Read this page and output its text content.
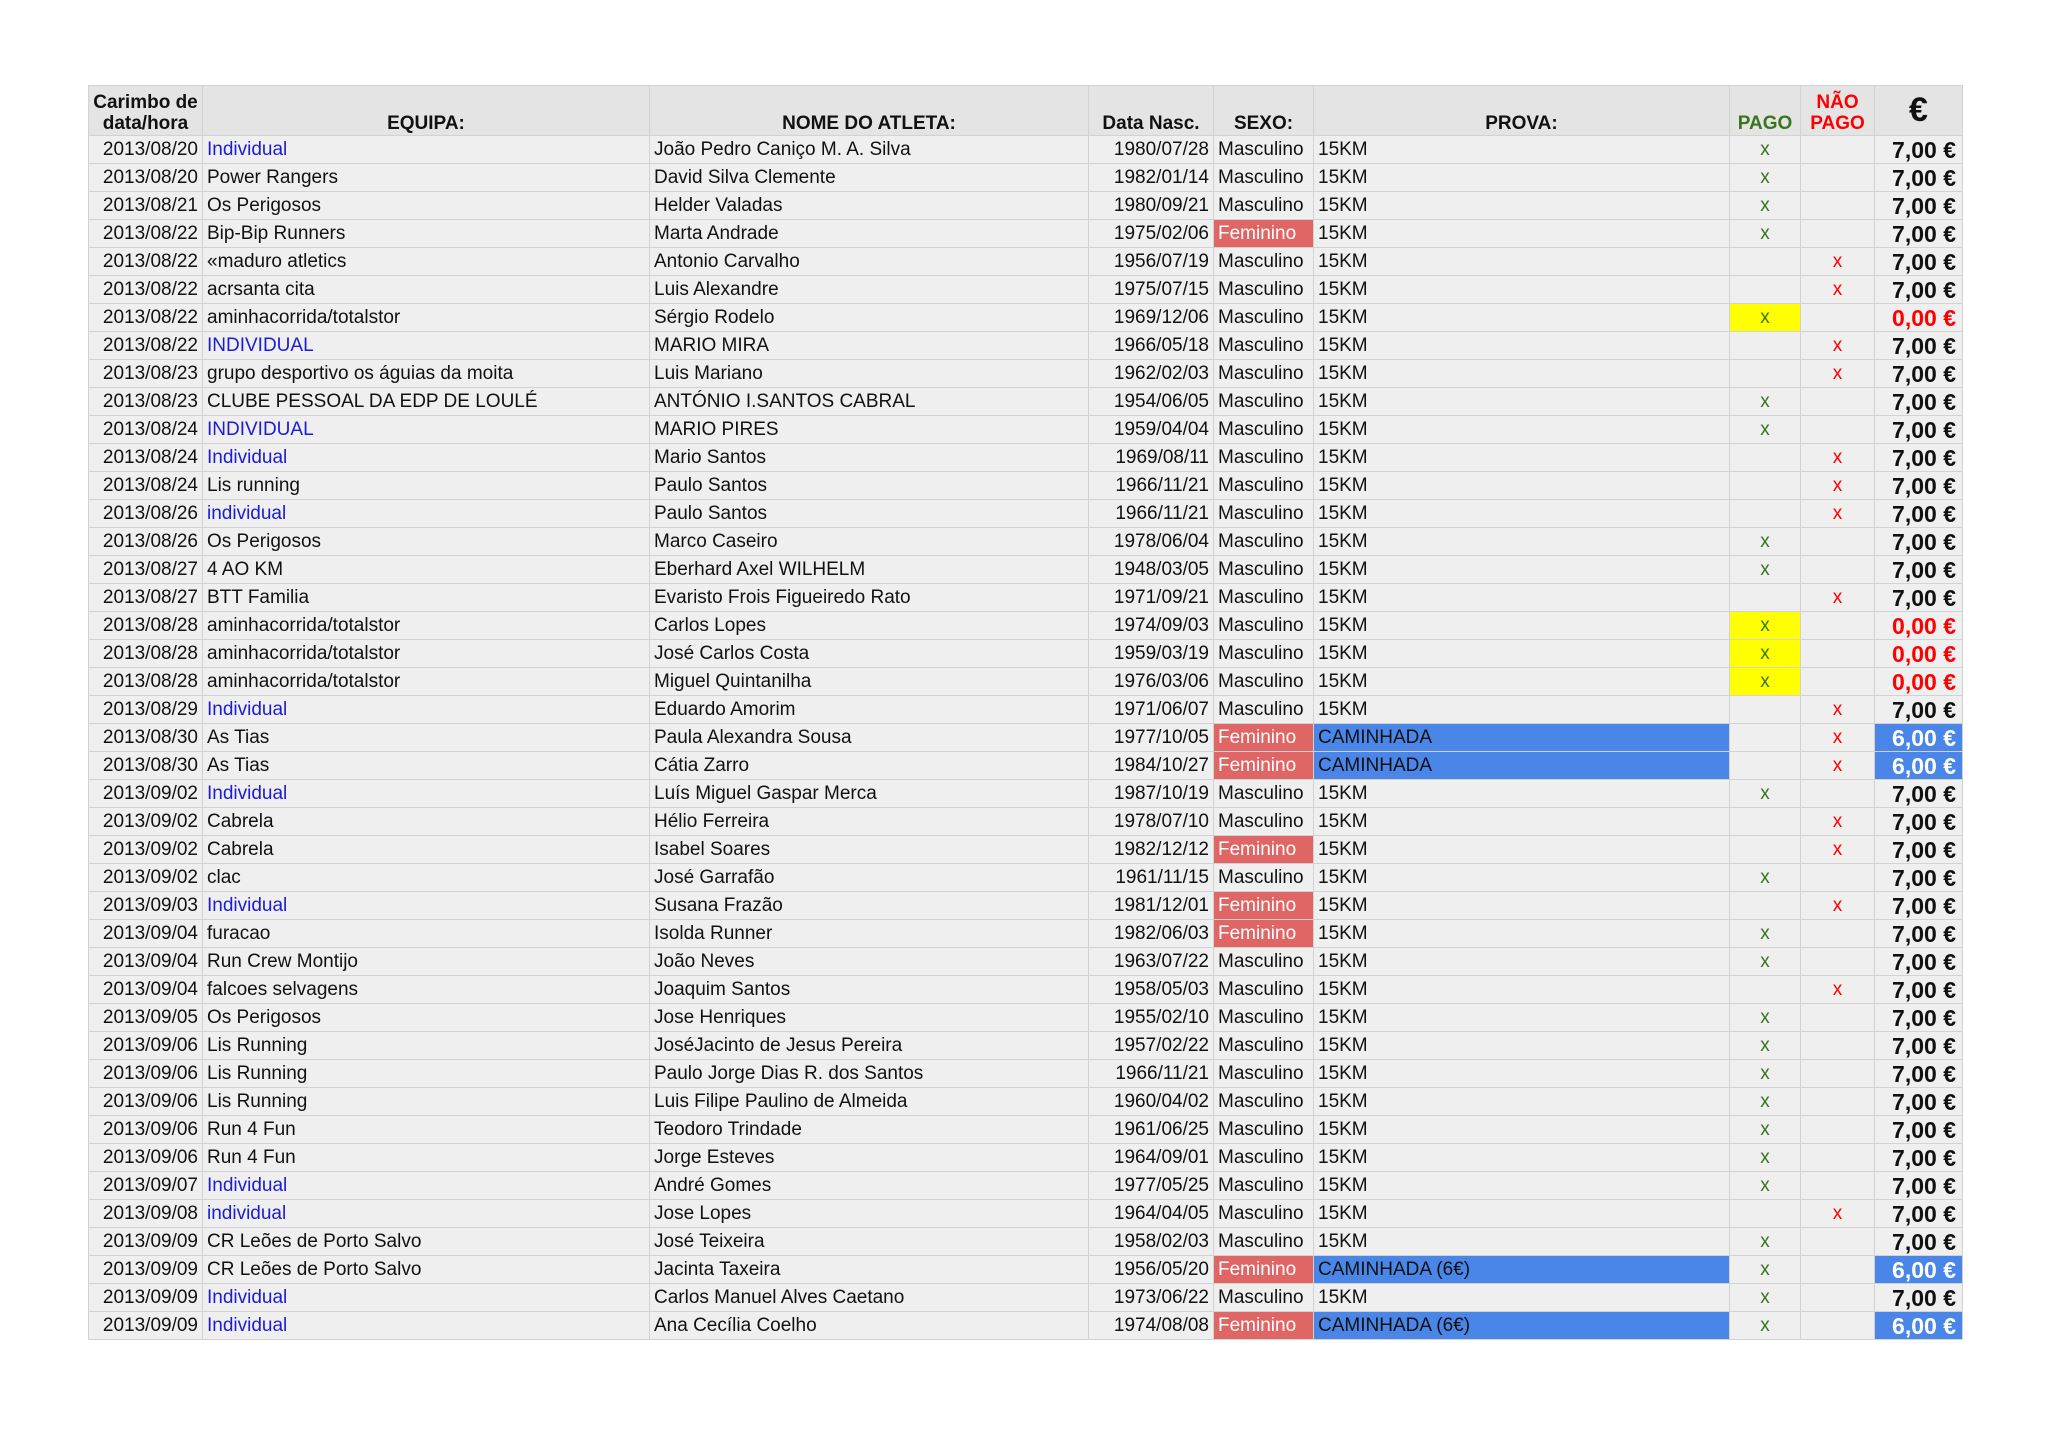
Carimbo de data/hora	EQUIPA:	NOME DO ATLETA:	Data Nasc.	SEXO:	PROVA:	PAGO	NÃO PAGO	€
2013/08/20	Individual	João Pedro Caniço M. A. Silva	1980/07/28	Masculino	15KM	x		7,00 €
2013/08/20	Power Rangers	David Silva Clemente	1982/01/14	Masculino	15KM	x		7,00 €
2013/08/21	Os Perigosos	Helder Valadas	1980/09/21	Masculino	15KM	x		7,00 €
2013/08/22	Bip-Bip Runners	Marta Andrade	1975/02/06	Feminino	15KM	x		7,00 €
2013/08/22	«maduro atletics	Antonio Carvalho	1956/07/19	Masculino	15KM		x	7,00 €
2013/08/22	acrsanta cita	Luis Alexandre	1975/07/15	Masculino	15KM		x	7,00 €
2013/08/22	aminhacorrida/totalstor	Sérgio Rodelo	1969/12/06	Masculino	15KM	x		0,00 €
2013/08/22	INDIVIDUAL	MARIO MIRA	1966/05/18	Masculino	15KM		x	7,00 €
2013/08/23	grupo desportivo os águias da moita	Luis Mariano	1962/02/03	Masculino	15KM		x	7,00 €
2013/08/23	CLUBE PESSOAL DA EDP DE LOULÉ	ANTÓNIO I.SANTOS CABRAL	1954/06/05	Masculino	15KM	x		7,00 €
2013/08/24	INDIVIDUAL	MARIO PIRES	1959/04/04	Masculino	15KM	x		7,00 €
2013/08/24	Individual	Mario Santos	1969/08/11	Masculino	15KM		x	7,00 €
2013/08/24	Lis running	Paulo Santos	1966/11/21	Masculino	15KM		x	7,00 €
2013/08/26	individual	Paulo Santos	1966/11/21	Masculino	15KM		x	7,00 €
2013/08/26	Os Perigosos	Marco Caseiro	1978/06/04	Masculino	15KM	x		7,00 €
2013/08/27	4 AO KM	Eberhard Axel WILHELM	1948/03/05	Masculino	15KM	x		7,00 €
2013/08/27	BTT Familia	Evaristo Frois Figueiredo Rato	1971/09/21	Masculino	15KM		x	7,00 €
2013/08/28	aminhacorrida/totalstor	Carlos Lopes	1974/09/03	Masculino	15KM	x		0,00 €
2013/08/28	aminhacorrida/totalstor	José Carlos Costa	1959/03/19	Masculino	15KM	x		0,00 €
2013/08/28	aminhacorrida/totalstor	Miguel Quintanilha	1976/03/06	Masculino	15KM	x		0,00 €
2013/08/29	Individual	Eduardo Amorim	1971/06/07	Masculino	15KM		x	7,00 €
2013/08/30	As Tias	Paula Alexandra Sousa	1977/10/05	Feminino	CAMINHADA		x	6,00 €
2013/08/30	As Tias	Cátia Zarro	1984/10/27	Feminino	CAMINHADA		x	6,00 €
2013/09/02	Individual	Luís Miguel Gaspar Merca	1987/10/19	Masculino	15KM	x		7,00 €
2013/09/02	Cabrela	Hélio Ferreira	1978/07/10	Masculino	15KM		x	7,00 €
2013/09/02	Cabrela	Isabel Soares	1982/12/12	Feminino	15KM		x	7,00 €
2013/09/02	clac	José Garrafão	1961/11/15	Masculino	15KM	x		7,00 €
2013/09/03	Individual	Susana Frazão	1981/12/01	Feminino	15KM		x	7,00 €
2013/09/04	furacao	Isolda Runner	1982/06/03	Feminino	15KM	x		7,00 €
2013/09/04	Run Crew Montijo	João Neves	1963/07/22	Masculino	15KM	x		7,00 €
2013/09/04	falcoes selvagens	Joaquim Santos	1958/05/03	Masculino	15KM		x	7,00 €
2013/09/05	Os Perigosos	Jose Henriques	1955/02/10	Masculino	15KM	x		7,00 €
2013/09/06	Lis Running	JoséJacinto de Jesus Pereira	1957/02/22	Masculino	15KM	x		7,00 €
2013/09/06	Lis Running	Paulo Jorge Dias R. dos Santos	1966/11/21	Masculino	15KM	x		7,00 €
2013/09/06	Lis Running	Luis Filipe Paulino de Almeida	1960/04/02	Masculino	15KM	x		7,00 €
2013/09/06	Run 4 Fun	Teodoro Trindade	1961/06/25	Masculino	15KM	x		7,00 €
2013/09/06	Run 4 Fun	Jorge Esteves	1964/09/01	Masculino	15KM	x		7,00 €
2013/09/07	Individual	André Gomes	1977/05/25	Masculino	15KM	x		7,00 €
2013/09/08	individual	Jose Lopes	1964/04/05	Masculino	15KM		x	7,00 €
2013/09/09	CR Leões de Porto Salvo	José Teixeira	1958/02/03	Masculino	15KM	x		7,00 €
2013/09/09	CR Leões de Porto Salvo	Jacinta Taxeira	1956/05/20	Feminino	CAMINHADA (6€)	x		6,00 €
2013/09/09	Individual	Carlos Manuel Alves Caetano	1973/06/22	Masculino	15KM	x		7,00 €
2013/09/09	Individual	Ana Cecília Coelho	1974/08/08	Feminino	CAMINHADA (6€)	x		6,00 €
